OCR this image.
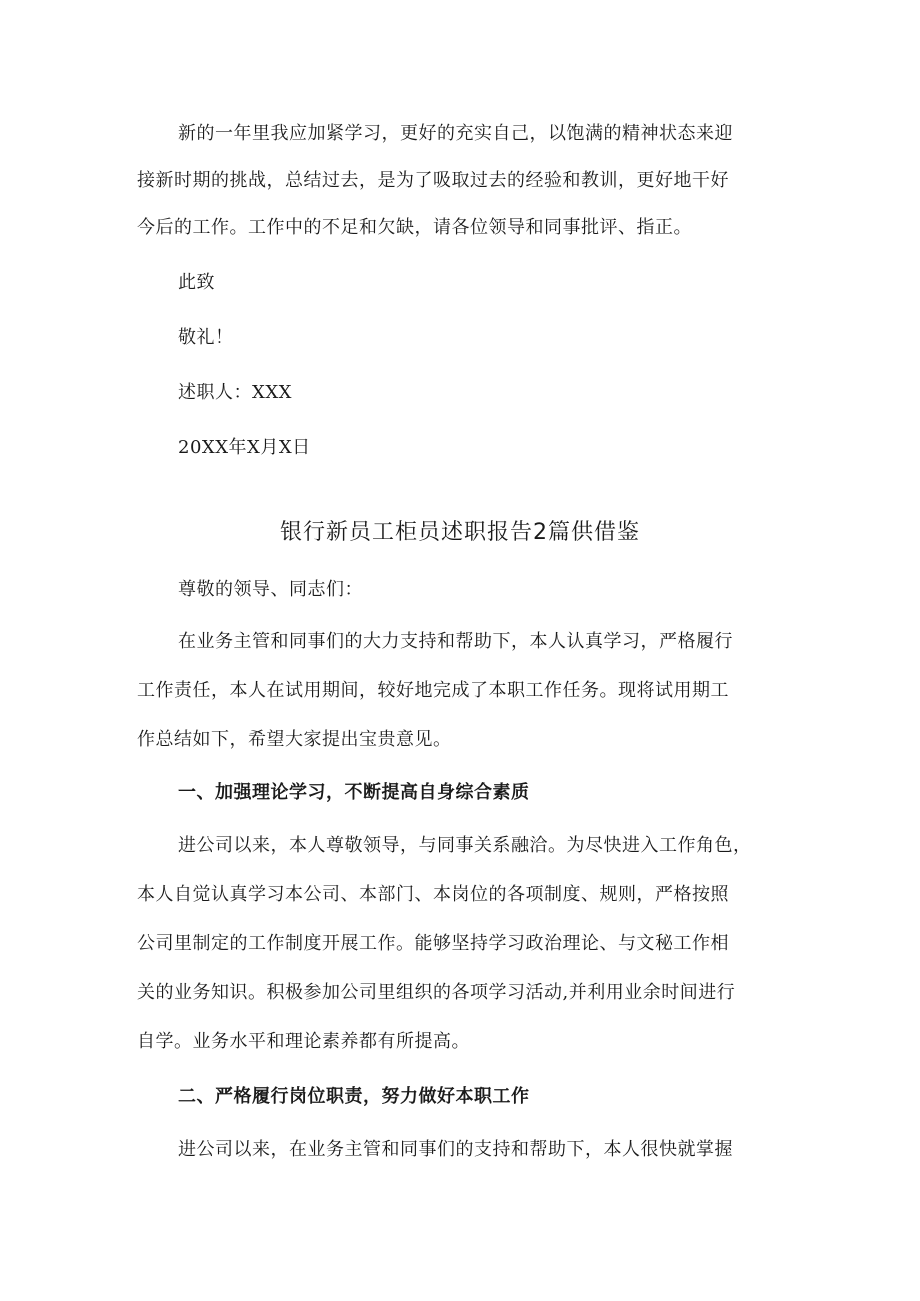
新的一年里我应加紧学习，更好的充实自己，以饱满的精神状态来迎
接新时期的挑战，总结过去，是为了吸取过去的经验和教训，更好地干好
今后的工作。工作中的不足和欠缺，请各位领导和同事批评、指正。
此致
敬礼！
述职人：XXX
20XX年X月X日
银行新员工柜员述职报告2篇供借鉴
尊敬的领导、同志们：
在业务主管和同事们的大力支持和帮助下，本人认真学习，严格履行
工作责任，本人在试用期间，较好地完成了本职工作任务。现将试用期工
作总结如下，希望大家提出宝贵意见。
一、加强理论学习，不断提高自身综合素质
进公司以来，本人尊敬领导，与同事关系融洽。为尽快进入工作角色，
本人自觉认真学习本公司、本部门、本岗位的各项制度、规则，严格按照
公司里制定的工作制度开展工作。能够坚持学习政治理论、与文秘工作相
关的业务知识。积极参加公司里组织的各项学习活动,并利用业余时间进行
自学。业务水平和理论素养都有所提高。
二、严格履行岗位职责，努力做好本职工作
进公司以来，在业务主管和同事们的支持和帮助下，本人很快就掌握
